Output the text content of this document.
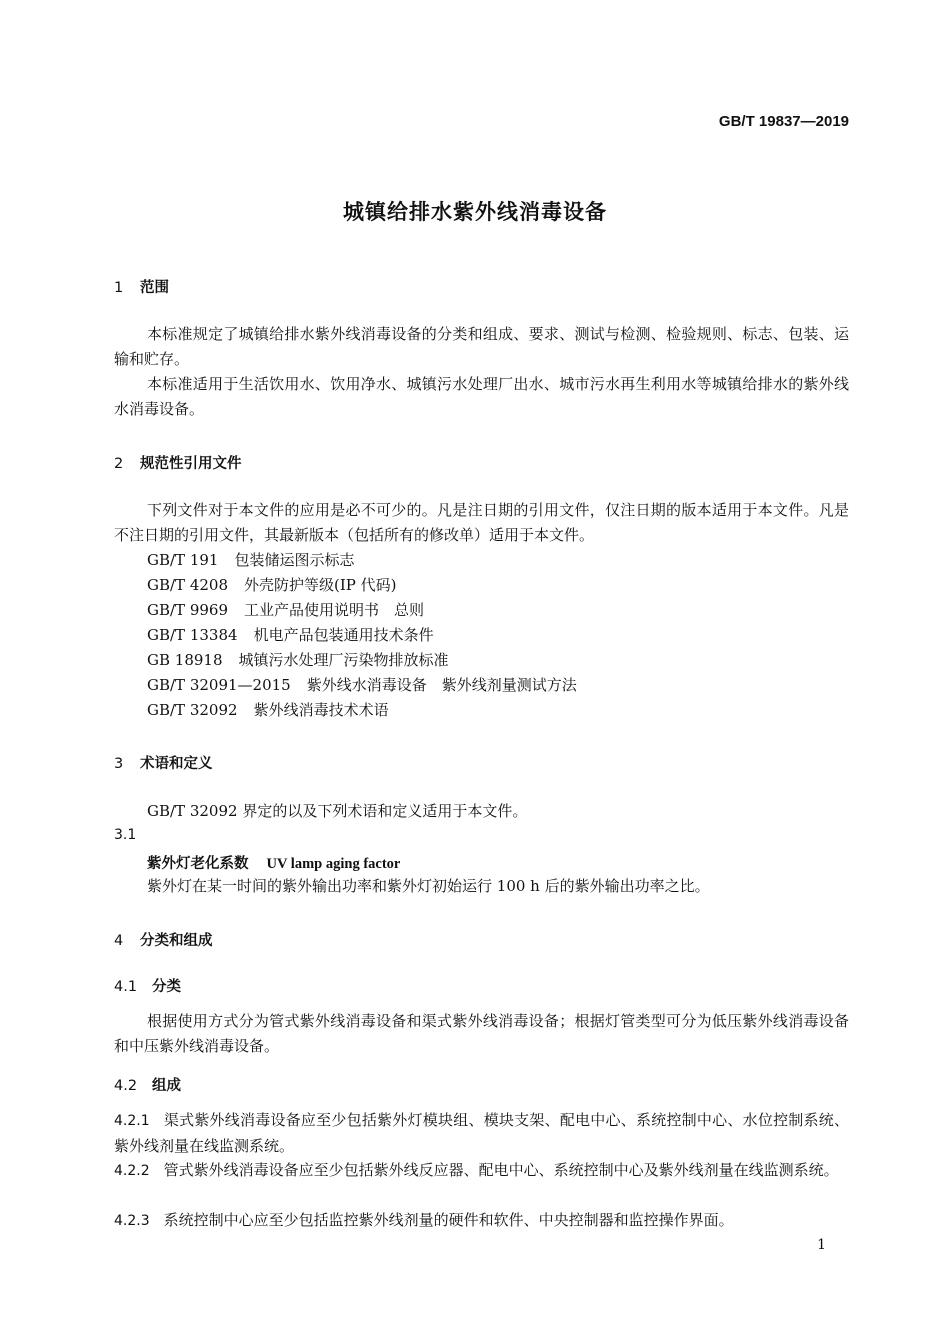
GB/T 19837—2019
城镇给排水紫外线消毒设备
1 范围
本标准规定了城镇给排水紫外线消毒设备的分类和组成、要求、测试与检测、检验规则、标志、包装、运输和贮存。
本标准适用于生活饮用水、饮用净水、城镇污水处理厂出水、城市污水再生利用水等城镇给排水的紫外线水消毒设备。
2 规范性引用文件
下列文件对于本文件的应用是必不可少的。凡是注日期的引用文件，仅注日期的版本适用于本文件。凡是不注日期的引用文件，其最新版本（包括所有的修改单）适用于本文件。
GB/T 191 包装储运图示标志
GB/T 4208 外壳防护等级(IP 代码)
GB/T 9969 工业产品使用说明书　总则
GB/T 13384 机电产品包装通用技术条件
GB 18918 城镇污水处理厂污染物排放标准
GB/T 32091—2015 紫外线水消毒设备　紫外线剂量测试方法
GB/T 32092 紫外线消毒技术术语
3 术语和定义
GB/T 32092 界定的以及下列术语和定义适用于本文件。
3.1
紫外灯老化系数 UV lamp aging factor
紫外灯在某一时间的紫外输出功率和紫外灯初始运行 100 h 后的紫外输出功率之比。
4 分类和组成
4.1 分类
根据使用方式分为管式紫外线消毒设备和渠式紫外线消毒设备；根据灯管类型可分为低压紫外线消毒设备和中压紫外线消毒设备。
4.2 组成
4.2.1 渠式紫外线消毒设备应至少包括紫外灯模块组、模块支架、配电中心、系统控制中心、水位控制系统、紫外线剂量在线监测系统。
4.2.2 管式紫外线消毒设备应至少包括紫外线反应器、配电中心、系统控制中心及紫外线剂量在线监测系统。
4.2.3 系统控制中心应至少包括监控紫外线剂量的硬件和软件、中央控制器和监控操作界面。
1
